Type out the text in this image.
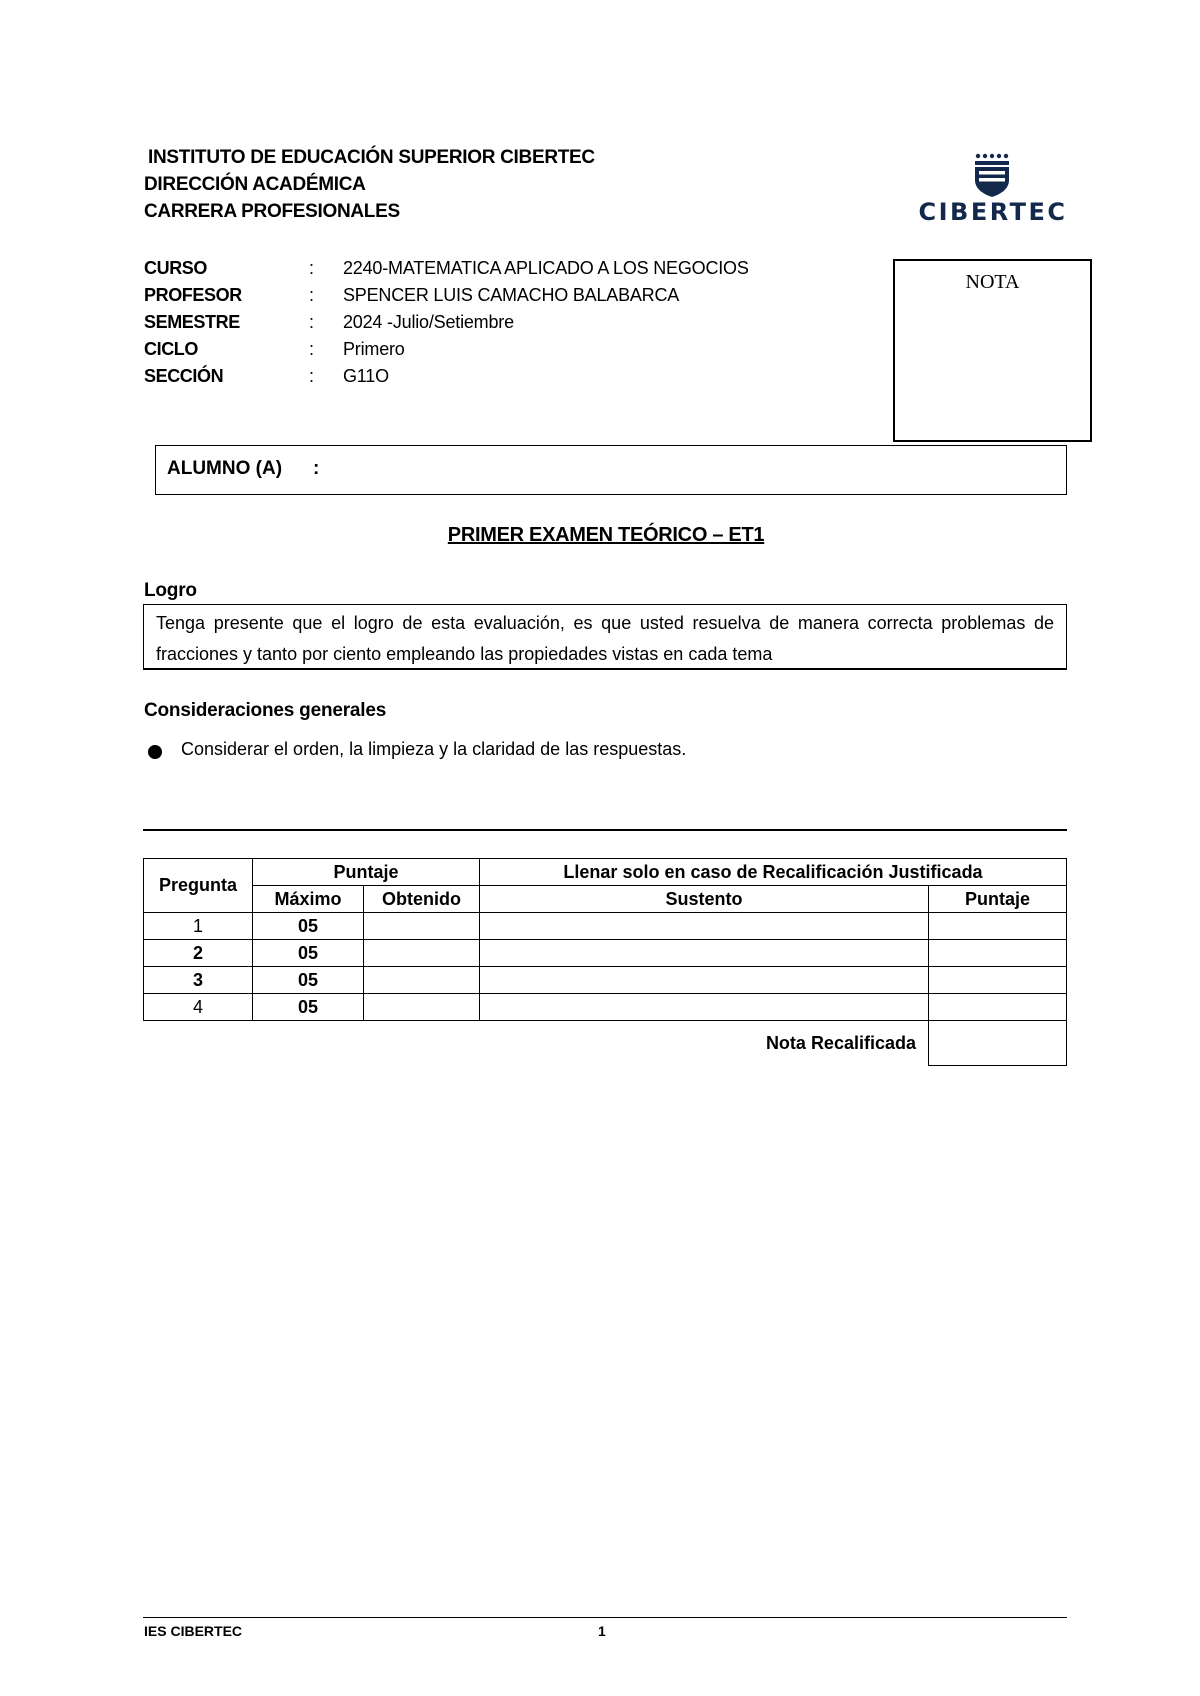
INSTITUTO DE EDUCACIÓN SUPERIOR CIBERTEC
DIRECCIÓN ACADÉMICA
CARRERA PROFESIONALES	CIBERTEC
CURSO	:	2240-MATEMATICA APLICADO A LOS NEGOCIOS
PROFESOR	:	SPENCER LUIS CAMACHO BALABARCA
SEMESTRE	:	2024 -Julio/Setiembre
CICLO	:	Primero
SECCIÓN	:	G11O
NOTA
ALUMNO (A) :
PRIMER EXAMEN TEÓRICO – ET1
Logro
Tenga presente que el logro de esta evaluación, es que usted resuelva de manera correcta problemas de fracciones y tanto por ciento empleando las propiedades vistas en cada tema
Consideraciones generales
Considerar el orden, la limpieza y la claridad de las respuestas.
Pregunta	Puntaje		Llenar solo en caso de Recalificación Justificada	
	Máximo	Obtenido	Sustento	Puntaje
1	05			
2	05			
3	05			
4	05			
Nota Recalificada				
IES CIBERTEC	1
